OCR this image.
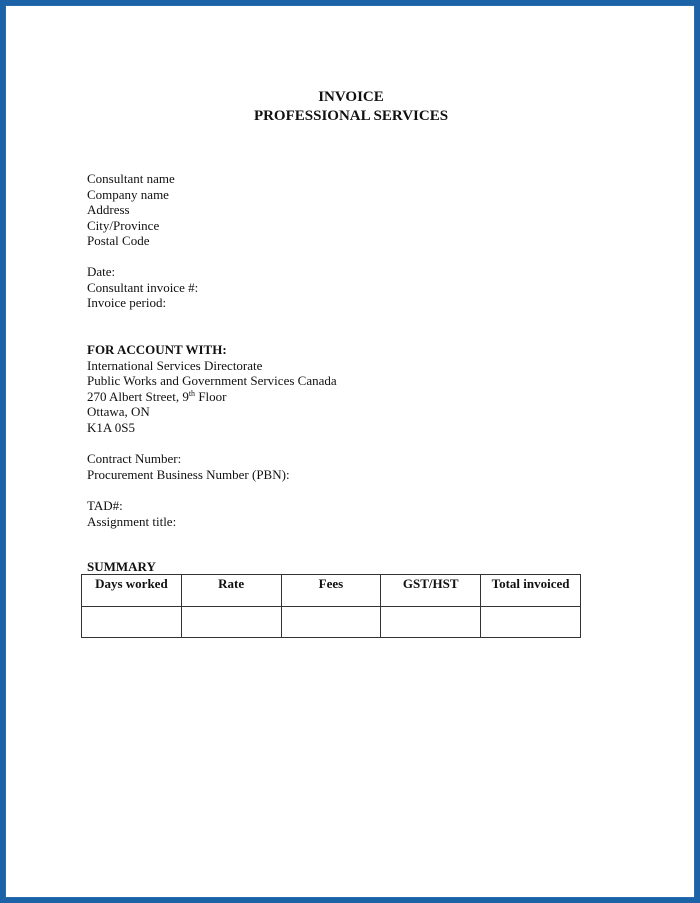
INVOICE
PROFESSIONAL SERVICES
Consultant name
Company name
Address
City/Province
Postal Code
Date:
Consultant invoice #:
Invoice period:
FOR ACCOUNT WITH:
International Services Directorate
Public Works and Government Services Canada
270 Albert Street, 9th Floor
Ottawa, ON
K1A 0S5
Contract Number:
Procurement Business Number (PBN):
TAD#:
Assignment title:
SUMMARY
Days worked	Rate	Fees	GST/HST	Total invoiced
